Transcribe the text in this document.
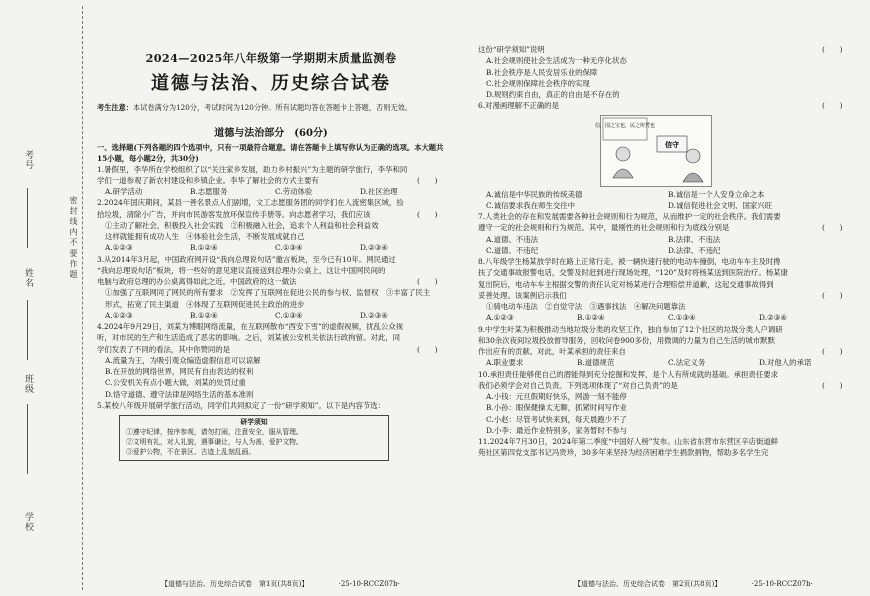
考号
姓名
班级
学校
密 封 线 内 不 要 作 题
2024—2025年八年级第一学期期末质量监测卷
道德与法治、历史综合试卷
考生注意：本试卷满分为120分，考试时间为120分钟。所有试题均答在答题卡上答题，否则无效。
道德与法治部分　(60分)
一、选择题(下列各题的四个选项中，只有一项最符合题意。请在答题卡上填写你认为正确的选项。本大题共15小题，每小题2分，共30分)

1.暑假里，李华所在学校组织了以“关注家乡发展，助力乡村振兴”为主题的研学旅行，李华和同

(　　)

学们一道参观了新农村建设和乡镇企业。李华了解社会的方式主要有

A.研学活动	B.志愿服务	C.劳动体验	D.社区治理

2.2024年国庆期间，某县一善名景点人们剧增，文工志愿服务团的同学们在人流密集区域，捡

(　　)

拾垃圾，清除小广告，并向市民游客发放环保宣传手册等。向志愿者学习，我们应该

①主动了解社会，积极投入社会实践　②积极融入社会，追求个人利益和社会利益效

这样就能拥有成功人生　④体验社会生活，不断发展成就自己

A.①②③	B.①②④	C.①③④	D.②③④

3.从2014年3月起，中国政府网开设“我向总理说句话”邀言板块，至今已有10年。网民通过

“我向总理说句话”板块，将一些好的意见建议直接送到总理办公桌上，这让中国网民间的

(　　)

电脑与政府总理的办公桌离得如此之近。中国政府的这一做法

①加强了互联网同了网民的所有要求　②发挥了互联网在促进公民的参与权、监督权　③丰富了民主

形式，拓宽了民主渠道　④体现了互联网促进民主政治的进步

A.①②③	B.①②④	C.①③④	D.②③④

4.2024年9月29日，刘某为博眼网络流量，在互联网散布“西安下雪”的虚假视频，扰乱公众视

听，对市民的生产和生活造成了恶劣的影响。之后，刘某被公安机关依法行政拘留。对此，同

(　　)

学们发表了不同的看法，其中你赞同的是

A.流量为王，为吸引观众编造虚假信息可以谅解

B.在开放的网络世界，网民有自由表达的权利

C.公安机关有点小题大做，刘某的处罚过重

D.恪守道德、遵守法律是网络生活的基本准则

5.某校八年级开展研学旅行活动，同学们共同拟定了一份“研学须知”。以下是内容节选：

研学须知
①遵守纪律，按序参观，请勿打闹，注意安全，服从管理。
②文明有礼，对人礼貌，遇事谦让，与人为善，爱护文物。
③爱护公物，不在景区、古迹上乱刻乱画。
【道德与法治、历史综合试卷　第1页(共8页)】	·25-10-RCCZ07b·
(　　)

这份“研学须知”说明

A.社会规则使社会生活成为一种无序化状态

B.社会秩序是人民安居乐业的保障

C.社会规则保障社会秩序的实现

D.规则约束自由，真正的自由是不存在的

(　　)

6.对漫画理解不正确的是

信，国之宝也，民之所凭也
信守
A.诚信是中华民族的传统美德	B.诚信是一个人安身立命之本
C.诚信要求我在师生交往中	D.诚信促进社会文明、国家兴旺

7.人类社会的存在和发展需要各种社会规则和行为规范，从而维护一定的社会秩序。我们需要

(　　)

遵守一定的社会规则和行为规范。其中，最刚性的社会规则和行为底线分别是

A.道德、不违法	B.法律、不违法
C.道德、不违纪	D.法律、不违纪

8.八年级学生杨某放学时在路上正常行走，被一辆快速行驶的电动车撞倒，电动车车主及时搀

扶了交通事故报警电话，交警及时赶到进行现场处理，“120”及时将杨某送到医院治疗。杨某康

复出院后，电动车车主根据交警的责任认定对杨某进行合理赔偿并道歉，这起交通事故得到

(　　)

妥善处理。该案例启示我们

①骑电动车违法　②自觉守法　③遇事找法　④解决问题靠法

A.①②③	B.①②④	C.①③④	D.②③④

9.中学生叶某为积极推动当地垃圾分类的攻坚工作，独自参加了12个社区的垃圾分类人户调研

和30余次夜间垃圾投放督导服务，回收问卷900多份，用微调的力量为自己生活的城市默默

(　　)

作出应有的贡献。对此，叶某承担的责任来自

A.职业要求	B.道德规范	C.法定义务	D.对他人的承诺

10.承担责任能够使自己的潜能得到充分挖掘和发挥，是个人有所成就的基础。承担责任要求

(　　)

我们必须学会对自己负责。下列选项体现了“对自己负责”的是

A.小钱：元旦假期好快乐，网游一刻不能停

B.小孙：眼保健操太无聊，抓紧时间写作业

C.小赵：尽管考试快来到，每天晨跑少不了

D.小李：最近作业特别多，家务暂时不参与

11.2024年7月30日，2024年第二季度“中国好人榜”发布。山东省东营市东营区辛店街道鲜

苑社区第四党支部书记冯贵珍，30多年来坚持为经济困难学生捐款捐物，帮助多名学生完

【道德与法治、历史综合试卷　第2页(共8页)】	·25-10-RCCZ07b·
